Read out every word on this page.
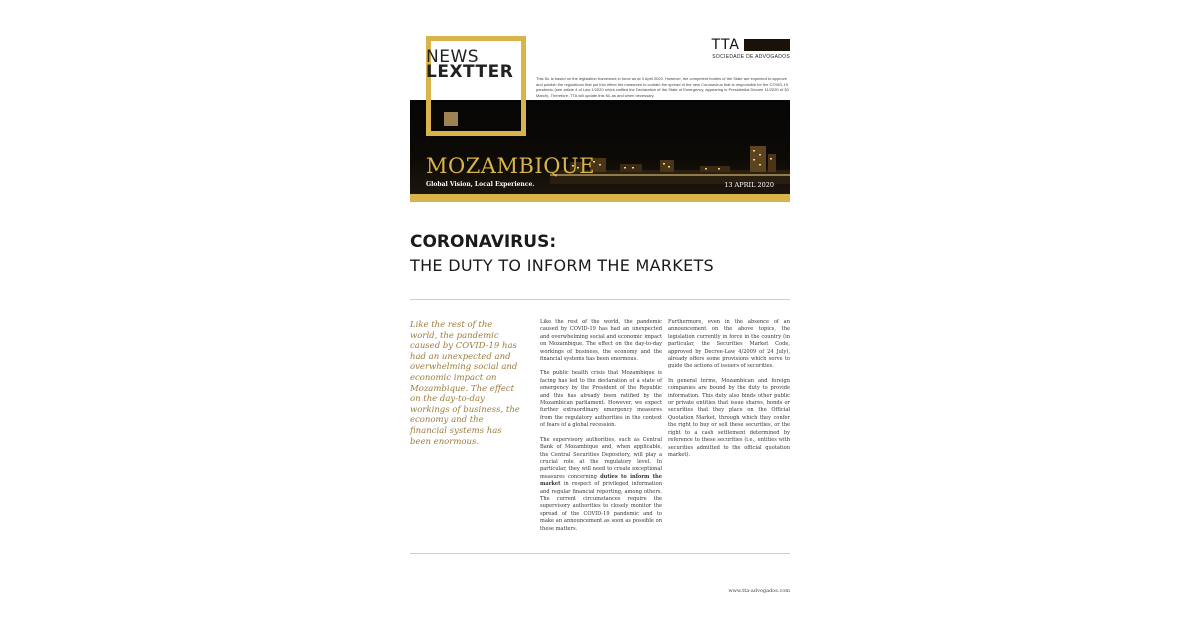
NEWS
LEXTTER
TTA
SOCIEDADE DE ADVOGADOS
This NL is based on the legislation framework in force as at 3 April 2020. However, the competent bodies of the State are expected to approve and publish the regulations that put into effect the measures to contain the spread of the new Coronavirus that is responsible for the COVID-19 pandemic (see article 4 of Law 1/2020 which ratified the Declaration of the State of Emergency, appearing in Presidential Decree 11/2020 of 30 March). Therefore, TTA will update this NL as and when necessary.
MOZAMBIQUE
Global Vision, Local Experience.	13 APRIL 2020
CORONAVIRUS:
THE DUTY TO INFORM THE MARKETS
Like the rest of the world, the pandemic caused by COVID-19 has had an unexpected and overwhelming social and economic impact on Mozambique. The effect on the day-to-day workings of business, the economy and the financial systems has been enormous.

Like the rest of the world, the pandemic caused by COVID-19 has had an unexpected and overwhelming social and economic impact on Mozambique. The effect on the day-to-day workings of business, the economy and the financial systems has been enormous.

The public health crisis that Mozambique is facing has led to the declaration of a state of emergency by the President of the Republic and this has already been ratified by the Mozambican parliament. However, we expect further extraordinary emergency measures from the regulatory authorities in the context of fears of a global recession.

The supervisory authorities, such as Central Bank of Mozambique and, when applicable, the Central Securities Depository, will play a crucial role at the regulatory level. In particular, they will need to create exceptional measures concerning duties to inform the market in respect of privileged information and regular financial reporting, among others. The current circumstances require the supervisory authorities to closely monitor the spread of the COVID-19 pandemic and to make an announcement as soon as possible on these matters.

Furthermore, even in the absence of an announcement on the above topics, the legislation currently in force in the country (in particular, the Securities Market Code, approved by Decree-Law 4/2009 of 24 July), already offers some provisions which serve to guide the actions of issuers of securities.

In general terms, Mozambican and foreign companies are bound by the duty to provide information. This duty also binds other public or private entities that issue shares, bonds or securities that they place on the Official Quotation Market, through which they confer the right to buy or sell these securities, or the right to a cash settlement determined by reference to these securities (i.e., entities with securities admitted to the official quotation market).

www.tta-advogados.com
